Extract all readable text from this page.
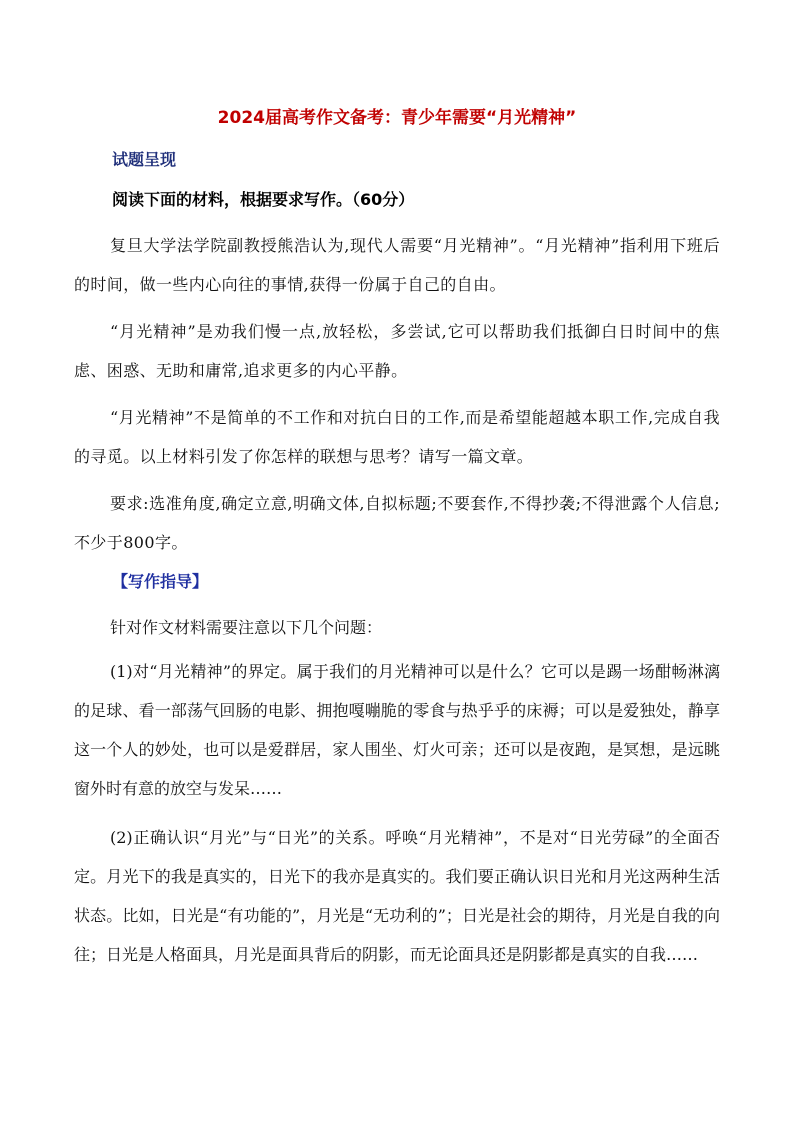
2024届高考作文备考：青少年需要“月光精神”
试题呈现
阅读下面的材料，根据要求写作。（60分）
复旦大学法学院副教授熊浩认为,现代人需要“月光精神”。“月光精神”指利用下班后的时间，做一些内心向往的事情,获得一份属于自己的自由。
“月光精神”是劝我们慢一点,放轻松，多尝试,它可以帮助我们抵御白日时间中的焦虑、困惑、无助和庸常,追求更多的内心平静。
“月光精神”不是简单的不工作和对抗白日的工作,而是希望能超越本职工作,完成自我的寻觅。以上材料引发了你怎样的联想与思考？请写一篇文章。
要求:选准角度,确定立意,明确文体,自拟标题;不要套作,不得抄袭;不得泄露个人信息;不少于800字。
【写作指导】
针对作文材料需要注意以下几个问题：
(1)对“月光精神”的界定。属于我们的月光精神可以是什么？它可以是踢一场酣畅淋漓的足球、看一部荡气回肠的电影、拥抱嘎嘣脆的零食与热乎乎的床褥；可以是爱独处，静享这一个人的妙处，也可以是爱群居，家人围坐、灯火可亲；还可以是夜跑，是冥想，是远眺窗外时有意的放空与发呆……
(2)正确认识“月光”与“日光”的关系。呼唤“月光精神”，不是对“日光劳碌”的全面否定。月光下的我是真实的，日光下的我亦是真实的。我们要正确认识日光和月光这两种生活状态。比如，日光是“有功能的”，月光是“无功利的”；日光是社会的期待，月光是自我的向往；日光是人格面具，月光是面具背后的阴影，而无论面具还是阴影都是真实的自我……
